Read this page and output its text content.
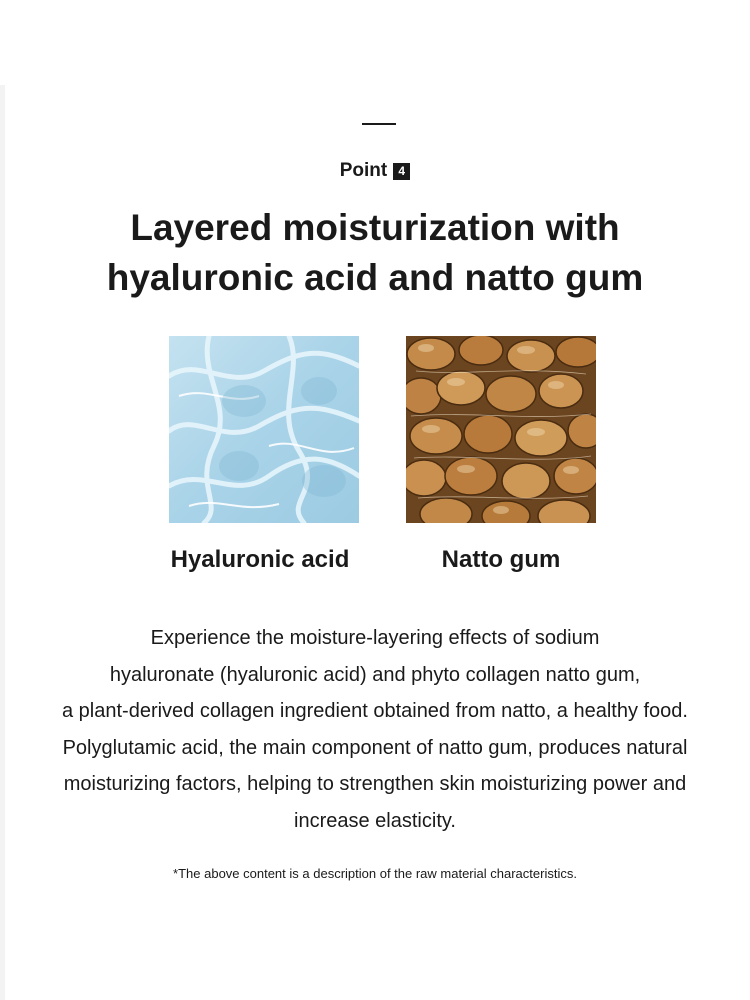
Point 4
Layered moisturization with
hyaluronic acid and natto gum
Hyaluronic acid	Natto gum
Experience the moisture-layering effects of sodium
hyaluronate (hyaluronic acid) and phyto collagen natto gum,
a plant-derived collagen ingredient obtained from natto, a healthy food.
Polyglutamic acid, the main component of natto gum, produces natural
moisturizing factors, helping to strengthen skin moisturizing power and
increase elasticity.
*The above content is a description of the raw material characteristics.
